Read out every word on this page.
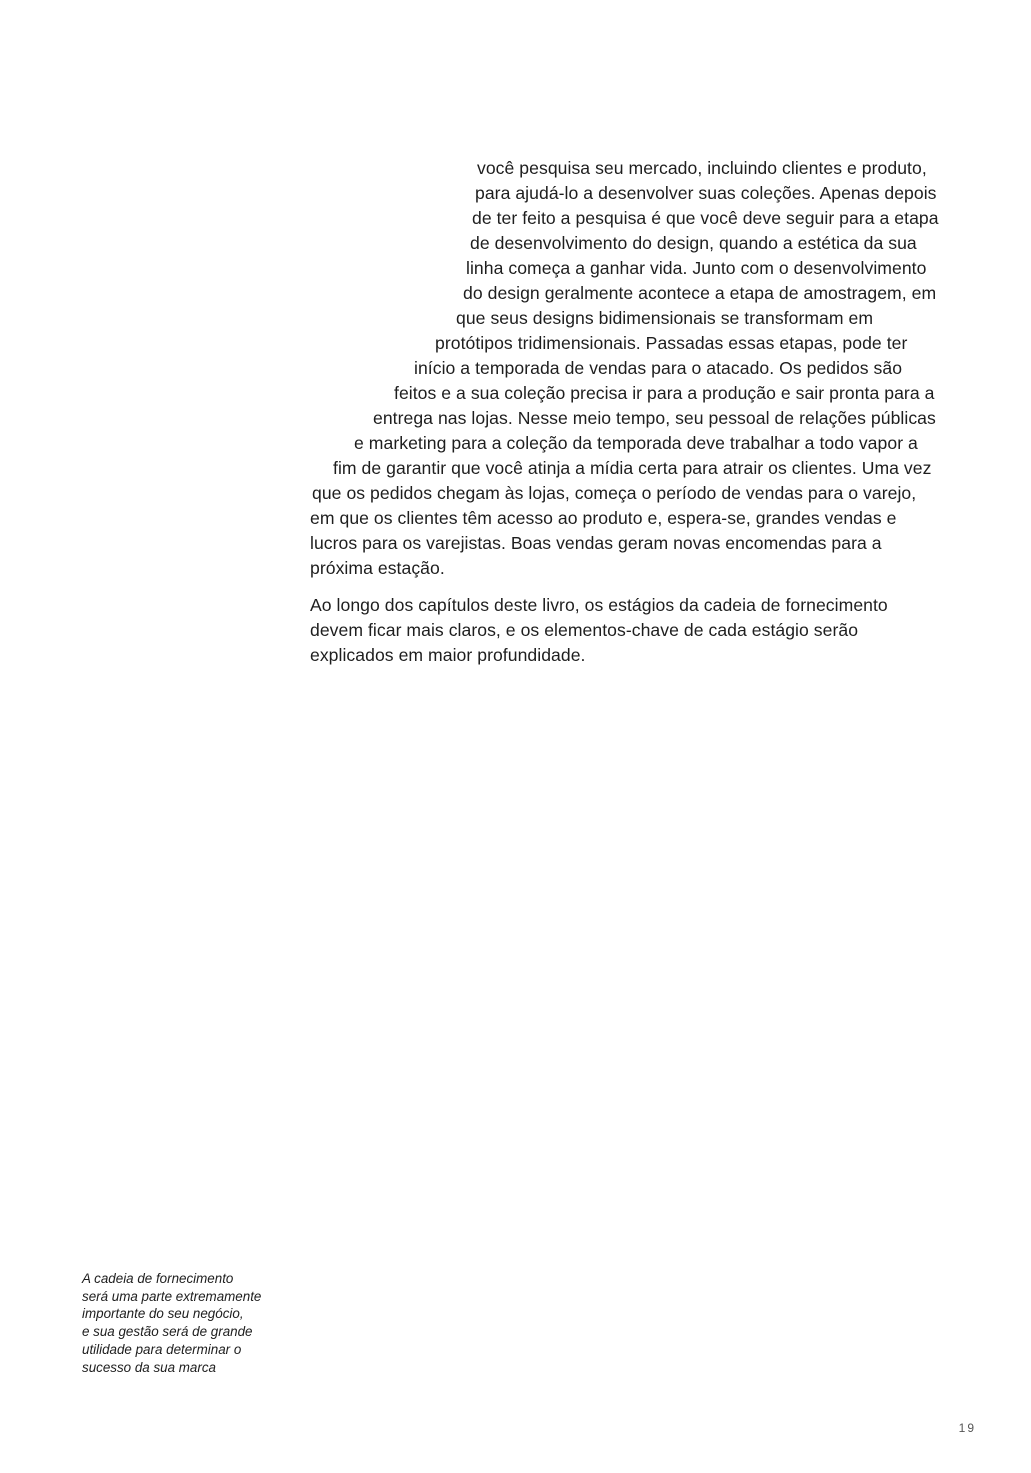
você pesquisa seu mercado, incluindo clientes e produto,
para ajudá-lo a desenvolver suas coleções. Apenas depois
de ter feito a pesquisa é que você deve seguir para a etapa
de desenvolvimento do design, quando a estética da sua
linha começa a ganhar vida. Junto com o desenvolvimento
do design geralmente acontece a etapa de amostragem, em
que seus designs bidimensionais se transformam em
protótipos tridimensionais. Passadas essas etapas, pode ter
início a temporada de vendas para o atacado. Os pedidos são
feitos e a sua coleção precisa ir para a produção e sair pronta para a
entrega nas lojas. Nesse meio tempo, seu pessoal de relações públicas
e marketing para a coleção da temporada deve trabalhar a todo vapor a
fim de garantir que você atinja a mídia certa para atrair os clientes. Uma vez
que os pedidos chegam às lojas, começa o período de vendas para o varejo,
em que os clientes têm acesso ao produto e, espera-se, grandes vendas e
lucros para os varejistas. Boas vendas geram novas encomendas para a
próxima estação.
Ao longo dos capítulos deste livro, os estágios da cadeia de fornecimento
devem ficar mais claros, e os elementos-chave de cada estágio serão
explicados em maior profundidade.
A cadeia de fornecimento
será uma parte extremamente
importante do seu negócio,
e sua gestão será de grande
utilidade para determinar o
sucesso da sua marca
19
